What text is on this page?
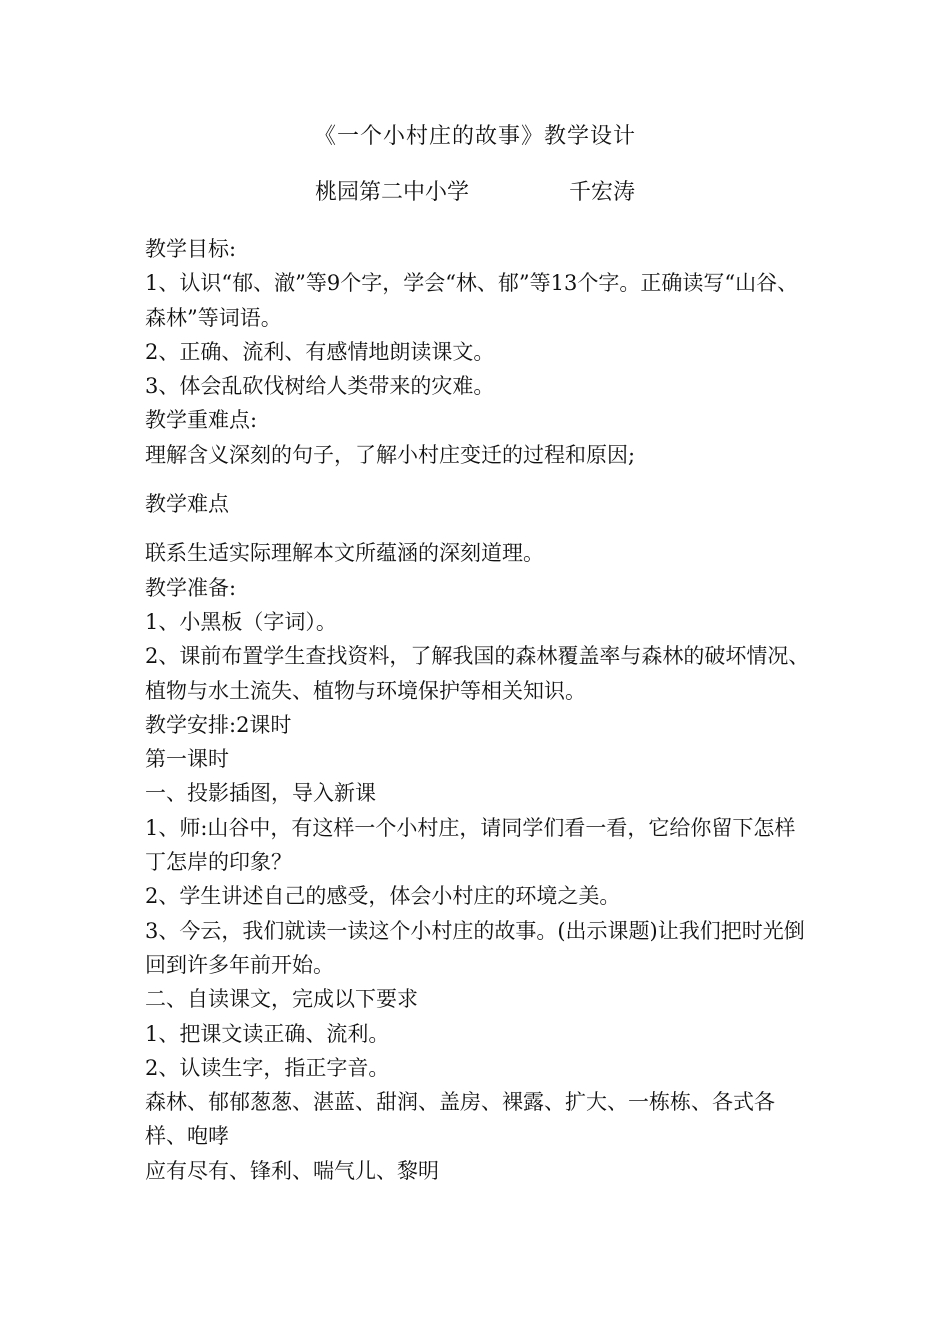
《一个小村庄的故事》教学设计
桃园第二中小学	千宏涛

教学目标:

1、认识“郁、澈”等9个字，学会“林、郁”等13个字。正确读写“山谷、森林”等词语。

2、正确、流利、有感情地朗读课文。

3、体会乱砍伐树给人类带来的灾难。

教学重难点:

理解含义深刻的句子，了解小村庄变迁的过程和原因;

教学难点

联系生适实际理解本文所蕴涵的深刻道理。

教学准备:

1、小黑板（字词）。

2、课前布置学生查找资料，了解我国的森林覆盖率与森林的破坏情况、植物与水土流失、植物与环境保护等相关知识。

教学安排:2课时

第一课时

一、投影插图，导入新课

1、师:山谷中，有这样一个小村庄，请同学们看一看，它给你留下怎样丁怎岸的印象？

2、学生讲述自己的感受，体会小村庄的环境之美。

3、今云，我们就读一读这个小村庄的故事。(出示课题)让我们把时光倒回到许多年前开始。

二、自读课文，完成以下要求

1、把课文读正确、流利。

2、认读生字，指正字音。

森林、郁郁葱葱、湛蓝、甜润、盖房、裸露、扩大、一栋栋、各式各样、咆哮

应有尽有、锋利、喘气儿、黎明
